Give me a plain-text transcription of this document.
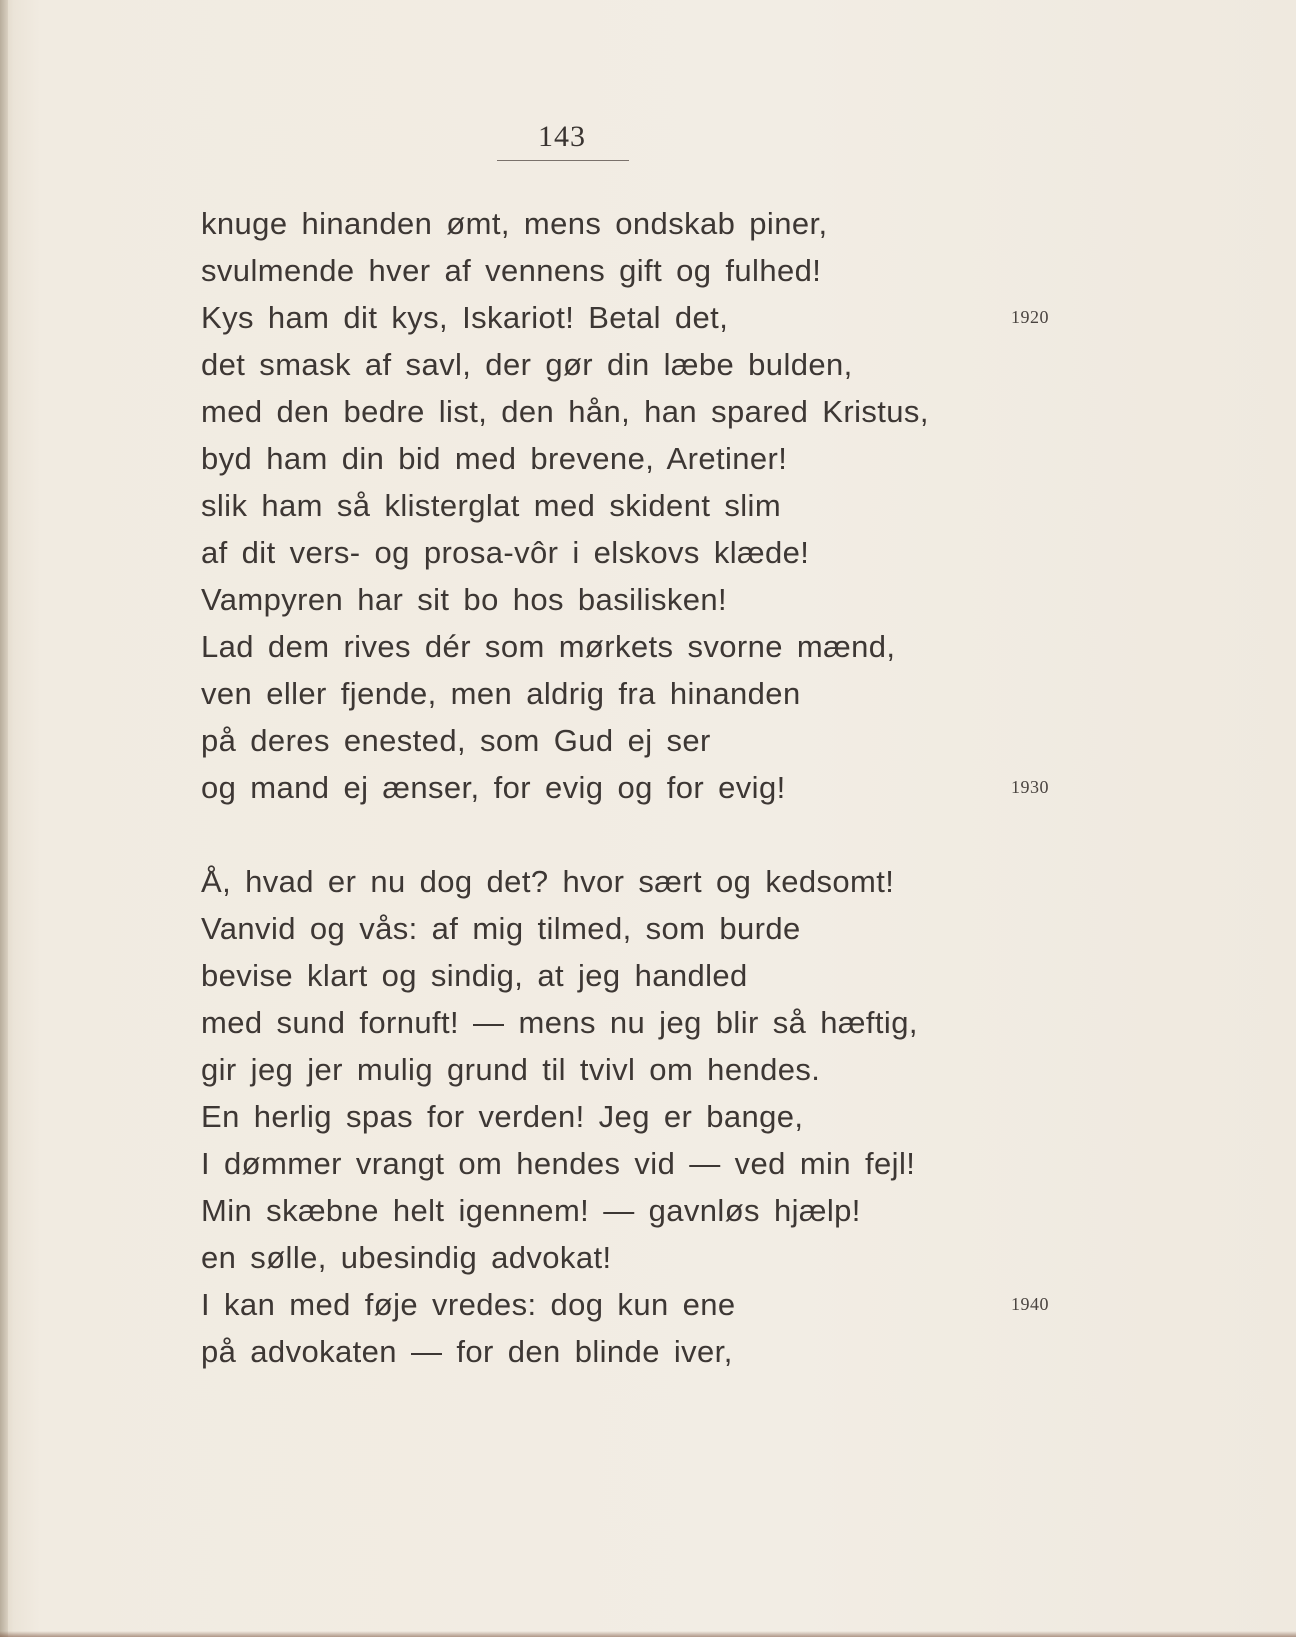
143
knuge hinanden ømt, mens ondskab piner,
svulmende hver af vennens gift og fulhed!
Kys ham dit kys, Iskariot! Betal det,	1920
det smask af savl, der gør din læbe bulden,
med den bedre list, den hån, han spared Kristus,
byd ham din bid med brevene, Aretiner!
slik ham så klisterglat med skident slim
af dit vers- og prosa-vôr i elskovs klæde!
Vampyren har sit bo hos basilisken!
Lad dem rives dér som mørkets svorne mænd,
ven eller fjende, men aldrig fra hinanden
på deres enested, som Gud ej ser
og mand ej ænser, for evig og for evig!	1930
Å, hvad er nu dog det? hvor sært og kedsomt!
Vanvid og vås: af mig tilmed, som burde
bevise klart og sindig, at jeg handled
med sund fornuft! — mens nu jeg blir så hæftig,
gir jeg jer mulig grund til tvivl om hendes.
En herlig spas for verden! Jeg er bange,
I dømmer vrangt om hendes vid — ved min fejl!
Min skæbne helt igennem! — gavnløs hjælp!
en sølle, ubesindig advokat!
I kan med føje vredes: dog kun ene	1940
på advokaten — for den blinde iver,
